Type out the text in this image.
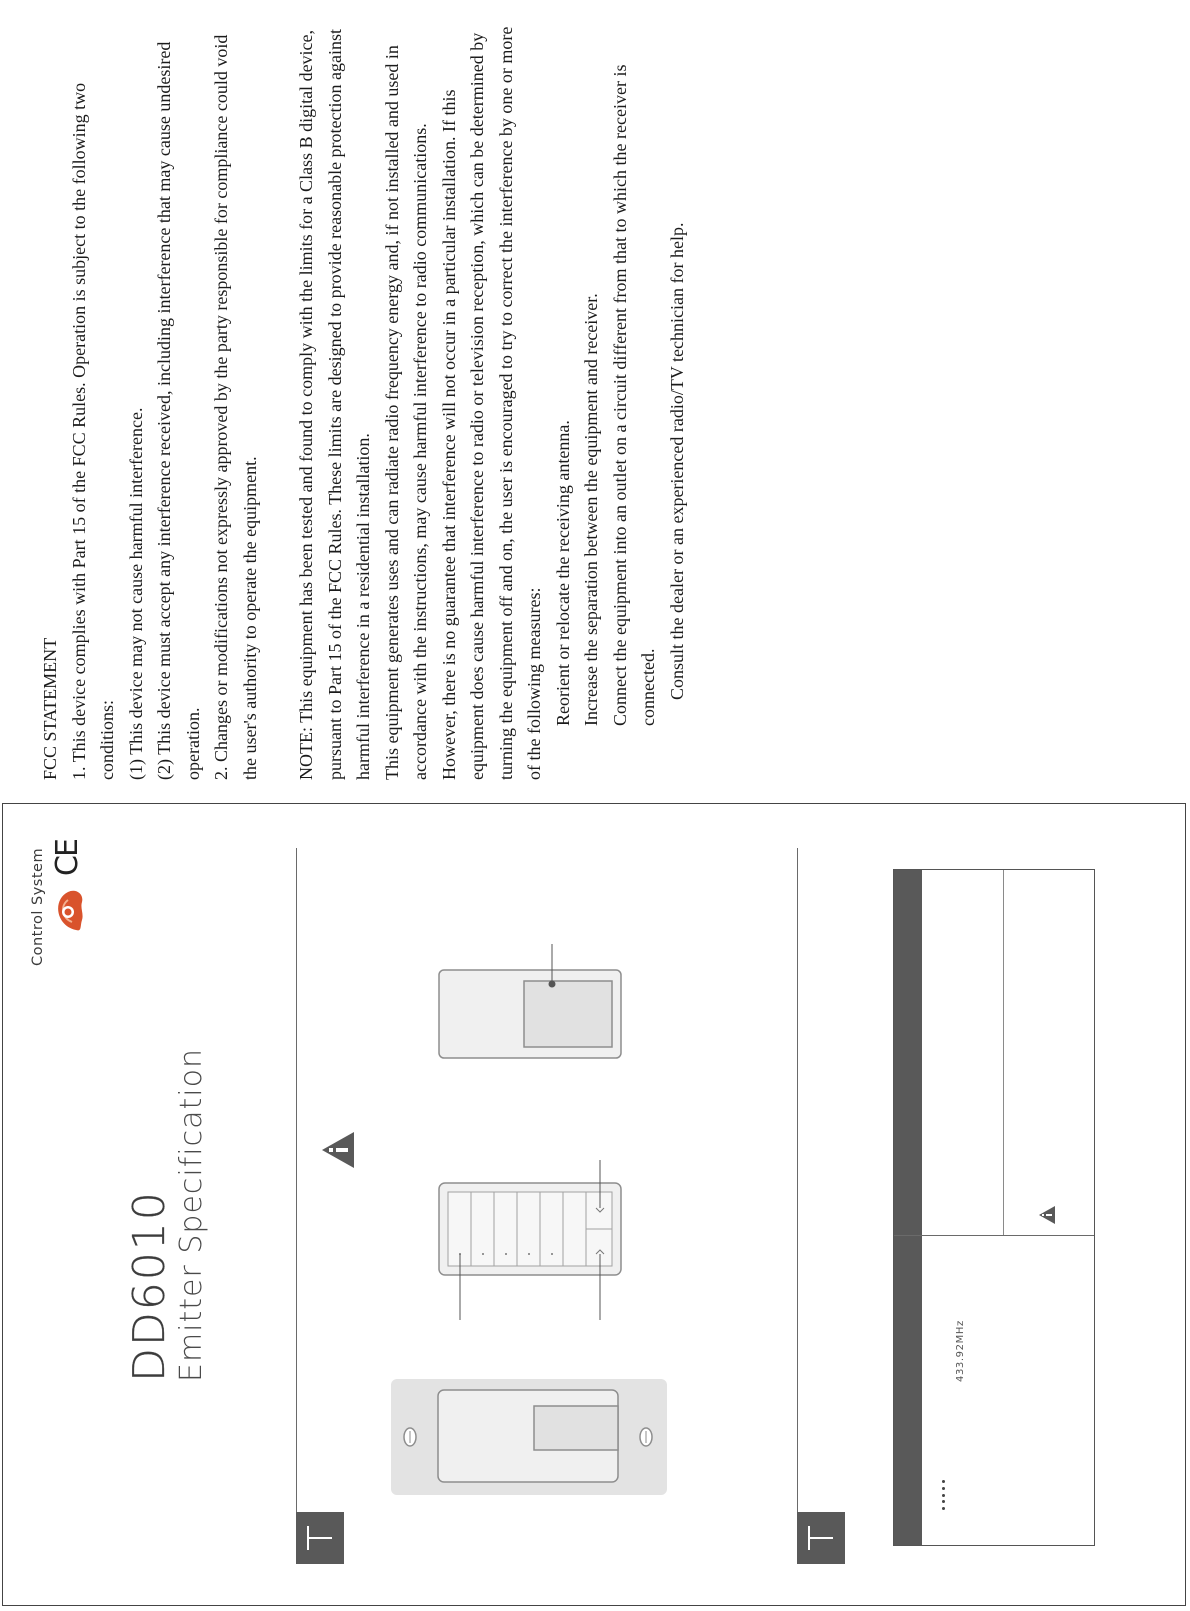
FCC STATEMENT 1. This device complies with Part 15 of the FCC Rules. Operation is subject to the following two conditions: (1) This device may not cause harmful interference. (2) This device must accept any interference received, including interference that may cause undesired operation. 2. Changes or modifications not expressly approved by the party responsible for compliance could void the user's authority to operate the equipment. NOTE: This equipment has been tested and found to comply with the limits for a Class B digital device, pursuant to Part 15 of the FCC Rules. These limits are designed to provide reasonable protection against harmful interference in a residential installation. This equipment generates uses and can radiate radio frequency energy and, if not installed and used in accordance with the instructions, may cause harmful interference to radio communications. However, there is no guarantee that interference will not occur in a particular installation. If this equipment does cause harmful interference to radio or television reception, which can be determined by turning the equipment off and on, the user is encouraged to try to correct the interference by one or more of the following measures: Reorient or relocate the receiving antenna. Increase the separation between the equipment and receiver. Connect the equipment into an outlet on a circuit different from that to which the receiver is connected. Consult the dealer or an experienced radio/TV technician for help.

DD6010 Emitter Specification
Control System CE
433.92MHz
